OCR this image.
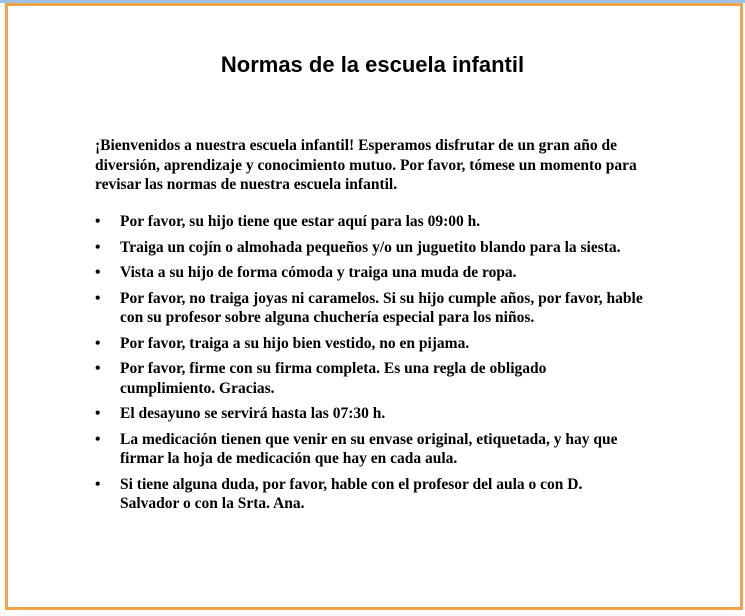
Normas de la escuela infantil

¡Bienvenidos a nuestra escuela infantil! Esperamos disfrutar de un gran año de diversión, aprendizaje y conocimiento mutuo. Por favor, tómese un momento para revisar las normas de nuestra escuela infantil.

• Por favor, su hijo tiene que estar aquí para las 09:00 h.
• Traiga un cojín o almohada pequeños y/o un juguetito blando para la siesta.
• Vista a su hijo de forma cómoda y traiga una muda de ropa.
• Por favor, no traiga joyas ni caramelos. Si su hijo cumple años, por favor, hable con su profesor sobre alguna chuchería especial para los niños.
• Por favor, traiga a su hijo bien vestido, no en pijama.
• Por favor, firme con su firma completa. Es una regla de obligado cumplimiento. Gracias.
• El desayuno se servirá hasta las 07:30 h.
• La medicación tienen que venir en su envase original, etiquetada, y hay que firmar la hoja de medicación que hay en cada aula.
• Si tiene alguna duda, por favor, hable con el profesor del aula o con D. Salvador o con la Srta. Ana.
